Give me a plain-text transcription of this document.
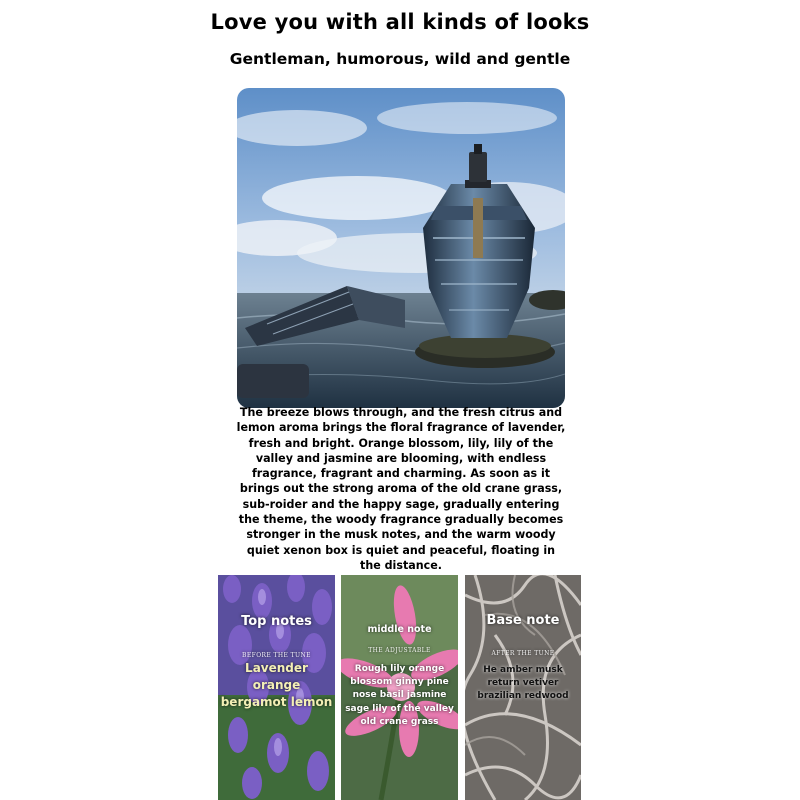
Love you with all kinds of looks
Gentleman, humorous, wild and gentle
The breeze blows through, and the fresh citrus and lemon aroma brings the floral fragrance of lavender, fresh and bright. Orange blossom, lily, lily of the valley and jasmine are blooming, with endless fragrance, fragrant and charming. As soon as it brings out the strong aroma of the old crane grass, sub-roider and the happy sage, gradually entering the theme, the woody fragrance gradually becomes stronger in the musk notes, and the warm woody quiet xenon box is quiet and peaceful, floating in the distance.
Top notes
BEFORE THE TUNE
Lavender orange bergamot lemon
middle note
THE ADJUSTABLE
Rough lily orange blossom ginny pine nose basil jasmine sage lily of the valley old crane grass
Base note
AFTER THE TUNE
He amber musk return vetiver brazilian redwood
